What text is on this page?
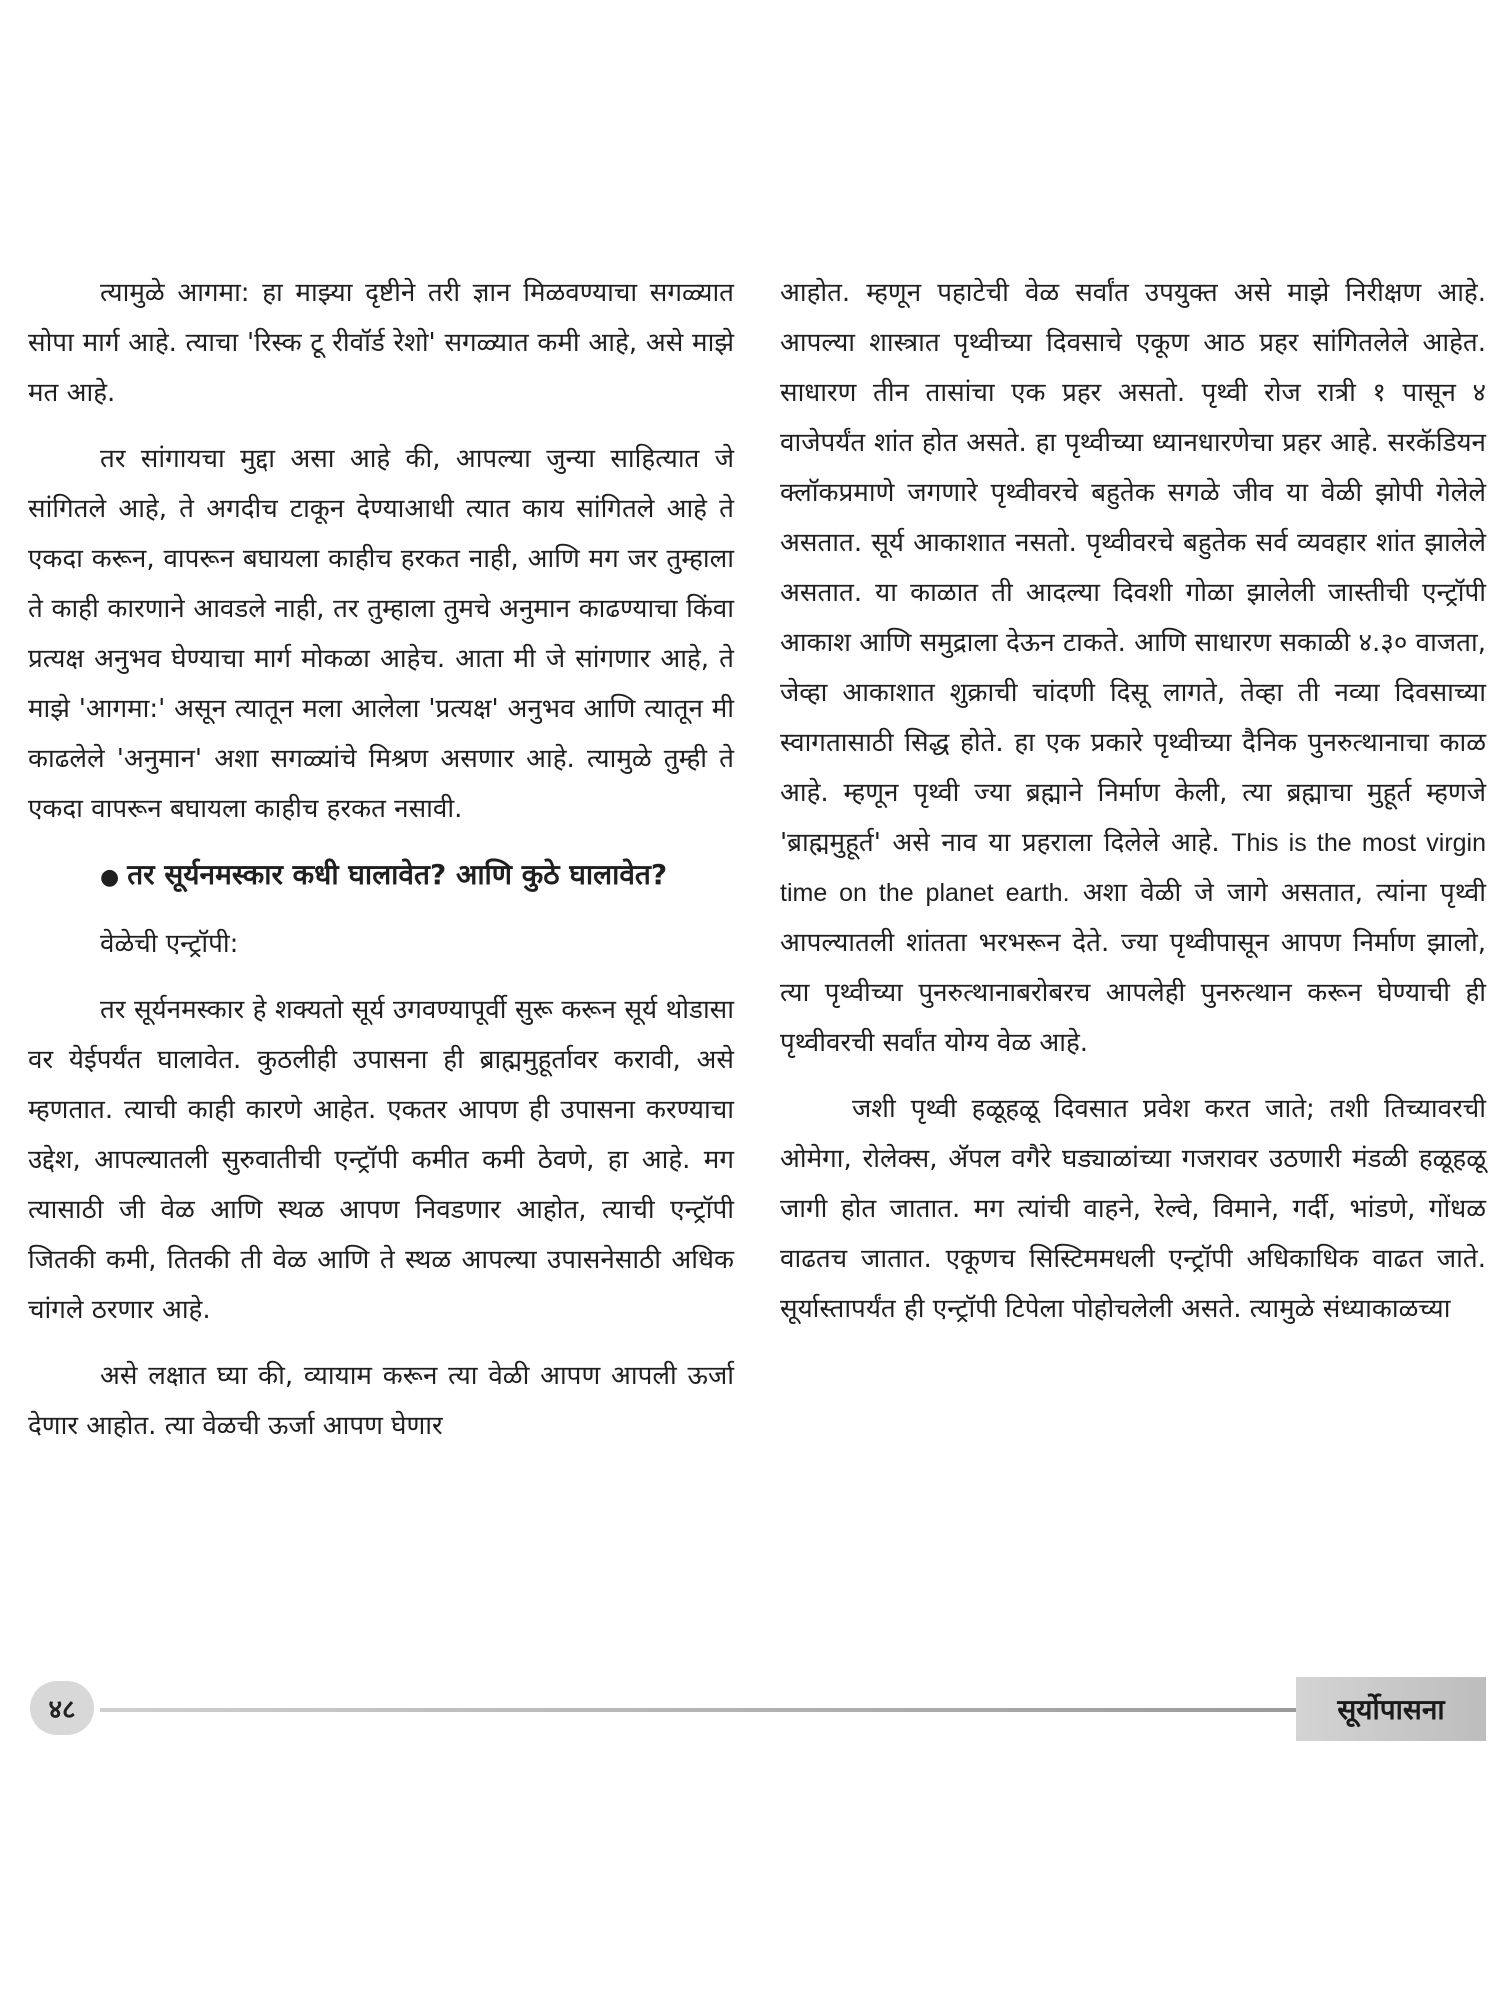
त्यामुळे आगमा: हा माझ्या दृष्टीने तरी ज्ञान मिळवण्याचा सगळ्यात सोपा मार्ग आहे. त्याचा 'रिस्क टू रीवॉर्ड रेशो' सगळ्यात कमी आहे, असे माझे मत आहे.

तर सांगायचा मुद्दा असा आहे की, आपल्या जुन्या साहित्यात जे सांगितले आहे, ते अगदीच टाकून देण्याआधी त्यात काय सांगितले आहे ते एकदा करून, वापरून बघायला काहीच हरकत नाही, आणि मग जर तुम्हाला ते काही कारणाने आवडले नाही, तर तुम्हाला तुमचे अनुमान काढण्याचा किंवा प्रत्यक्ष अनुभव घेण्याचा मार्ग मोकळा आहेच. आता मी जे सांगणार आहे, ते माझे 'आगमा:' असून त्यातून मला आलेला 'प्रत्यक्ष' अनुभव आणि त्यातून मी काढलेले 'अनुमान' अशा सगळ्यांचे मिश्रण असणार आहे. त्यामुळे तुम्ही ते एकदा वापरून बघायला काहीच हरकत नसावी.

● तर सूर्यनमस्कार कधी घालावेत? आणि कुठे घालावेत?

वेळेची एन्ट्रॉपी:

तर सूर्यनमस्कार हे शक्यतो सूर्य उगवण्यापूर्वी सुरू करून सूर्य थोडासा वर येईपर्यंत घालावेत. कुठलीही उपासना ही ब्राह्ममुहूर्तावर करावी, असे म्हणतात. त्याची काही कारणे आहेत. एकतर आपण ही उपासना करण्याचा उद्देश, आपल्यातली सुरुवातीची एन्ट्रॉपी कमीत कमी ठेवणे, हा आहे. मग त्यासाठी जी वेळ आणि स्थळ आपण निवडणार आहोत, त्याची एन्ट्रॉपी जितकी कमी, तितकी ती वेळ आणि ते स्थळ आपल्या उपासनेसाठी अधिक चांगले ठरणार आहे.

असे लक्षात घ्या की, व्यायाम करून त्या वेळी आपण आपली ऊर्जा देणार आहोत. त्या वेळची ऊर्जा आपण घेणार

आहोत. म्हणून पहाटेची वेळ सर्वांत उपयुक्त असे माझे निरीक्षण आहे. आपल्या शास्त्रात पृथ्वीच्या दिवसाचे एकूण आठ प्रहर सांगितलेले आहेत. साधारण तीन तासांचा एक प्रहर असतो. पृथ्वी रोज रात्री १ पासून ४ वाजेपर्यंत शांत होत असते. हा पृथ्वीच्या ध्यानधारणेचा प्रहर आहे. सरकॅडियन क्लॉकप्रमाणे जगणारे पृथ्वीवरचे बहुतेक सगळे जीव या वेळी झोपी गेलेले असतात. सूर्य आकाशात नसतो. पृथ्वीवरचे बहुतेक सर्व व्यवहार शांत झालेले असतात. या काळात ती आदल्या दिवशी गोळा झालेली जास्तीची एन्ट्रॉपी आकाश आणि समुद्राला देऊन टाकते. आणि साधारण सकाळी ४.३० वाजता, जेव्हा आकाशात शुक्राची चांदणी दिसू लागते, तेव्हा ती नव्या दिवसाच्या स्वागतासाठी सिद्ध होते. हा एक प्रकारे पृथ्वीच्या दैनिक पुनरुत्थानाचा काळ आहे. म्हणून पृथ्वी ज्या ब्रह्माने निर्माण केली, त्या ब्रह्माचा मुहूर्त म्हणजे 'ब्राह्ममुहूर्त' असे नाव या प्रहराला दिलेले आहे. This is the most virgin time on the planet earth. अशा वेळी जे जागे असतात, त्यांना पृथ्वी आपल्यातली शांतता भरभरून देते. ज्या पृथ्वीपासून आपण निर्माण झालो, त्या पृथ्वीच्या पुनरुत्थानाबरोबरच आपलेही पुनरुत्थान करून घेण्याची ही पृथ्वीवरची सर्वांत योग्य वेळ आहे.

जशी पृथ्वी हळूहळू दिवसात प्रवेश करत जाते; तशी तिच्यावरची ओमेगा, रोलेक्स, ॲपल वगैरे घड्याळांच्या गजरावर उठणारी मंडळी हळूहळू जागी होत जातात. मग त्यांची वाहने, रेल्वे, विमाने, गर्दी, भांडणे, गोंधळ वाढतच जातात. एकूणच सिस्टिममधली एन्ट्रॉपी अधिकाधिक वाढत जाते. सूर्यास्तापर्यंत ही एन्ट्रॉपी टिपेला पोहोचलेली असते. त्यामुळे संध्याकाळच्या

४८	सूर्योपासना
